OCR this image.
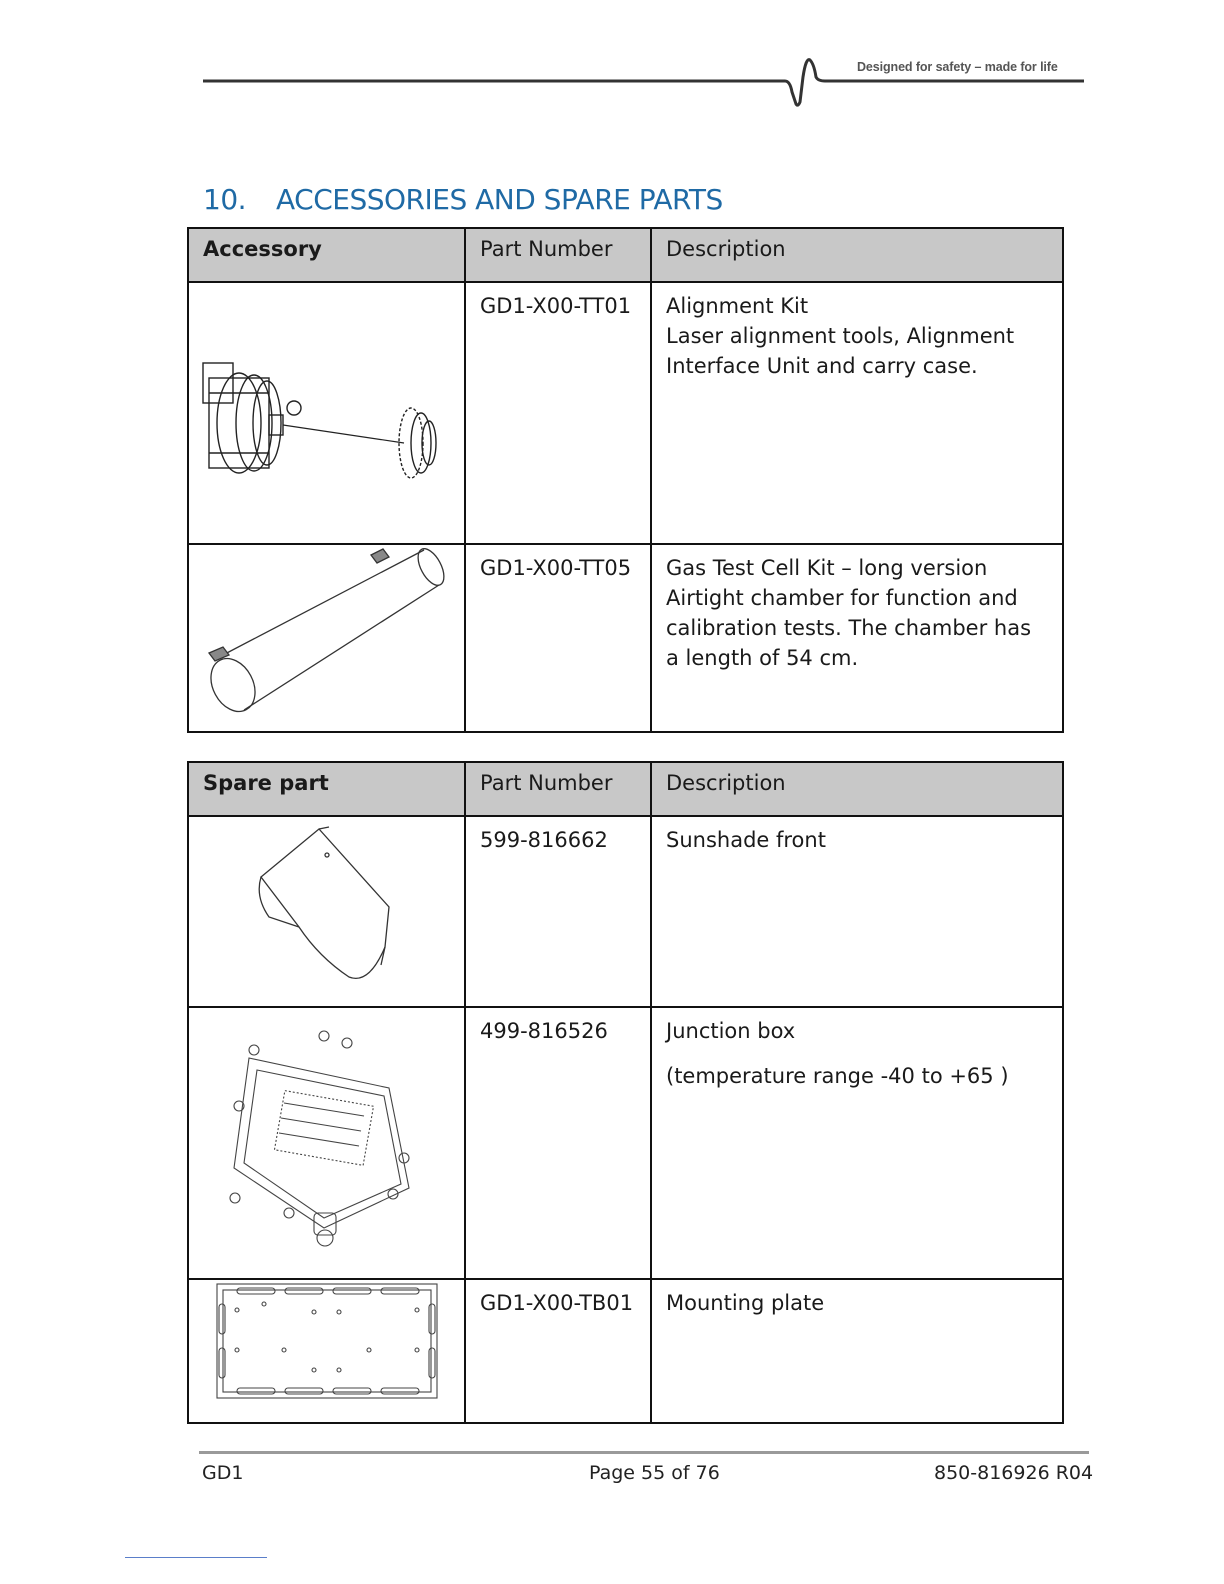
Designed for safety – made for life
10. ACCESSORIES AND SPARE PARTS
Accessory	Part Number	Description
	GD1-X00-TT01	Alignment Kit
Laser alignment tools, Alignment
Interface Unit and carry case.

	GD1-X00-TT05	Gas Test Cell Kit – long version
Airtight chamber for function and
calibration tests. The chamber has
a length of 54 cm.
Spare part	Part Number	Description
	599-816662	Sunshade front

	499-816526	Junction box
(temperature range -40 to +65 )

	GD1-X00-TB01	Mounting plate
GD1	Page 55 of 76	850-816926 R04
